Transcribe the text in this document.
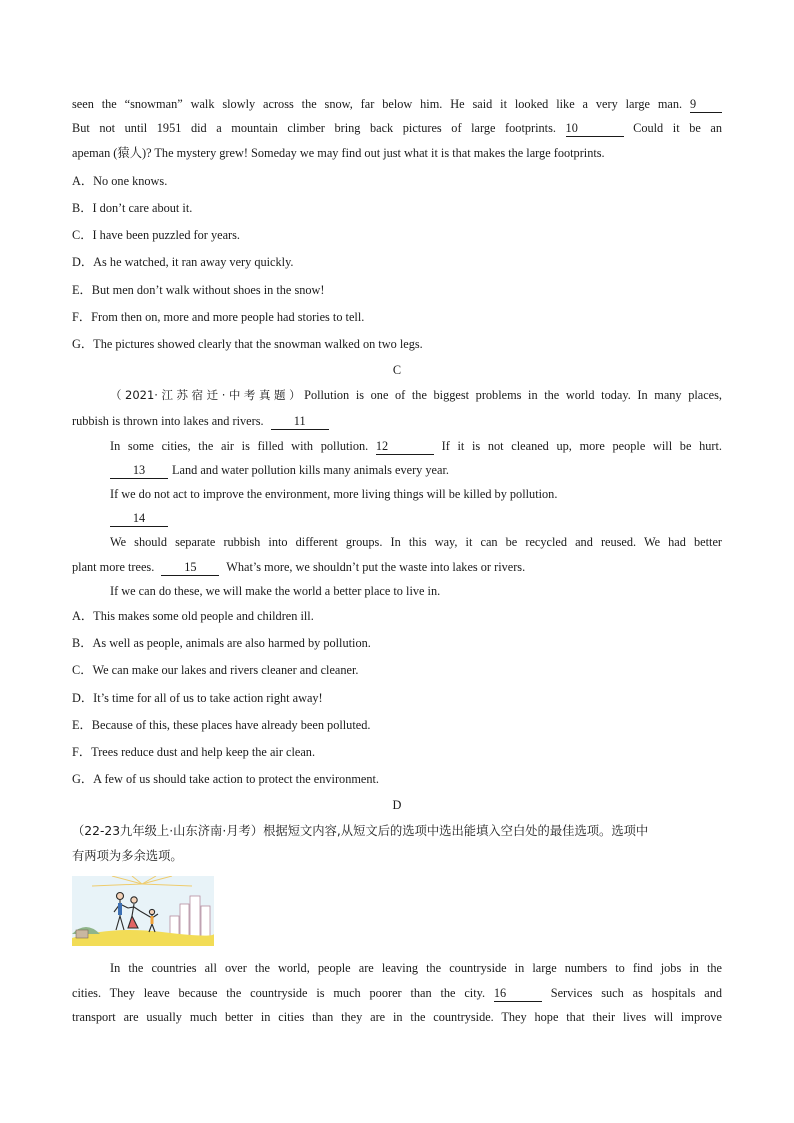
seen the “snowman” walk slowly across the snow, far below him. He said it looked like a very large man. 9
But not until 1951 did a mountain climber bring back pictures of large footprints. 10	Could it be an
apeman (猿人)? The mystery grew! Someday we may find out just what it is that makes the large footprints.
A．No one knows.
B．I don’t care about it.
C．I have been puzzled for years.
D．As he watched, it ran away very quickly.
E．But men don’t walk without shoes in the snow!
F．From then on, more and more people had stories to tell.
G．The pictures showed clearly that the snowman walked on two legs.
C
（2021·江苏宿迁·中考真题）Pollution is one of the biggest problems in the world today. In many places,
rubbish is thrown into lakes and rivers. 11
In some cities, the air is filled with pollution. 12	If it is not cleaned up, more people will be hurt.
13 Land and water pollution kills many animals every year.
If we do not act to improve the environment, more living things will be killed by pollution.
14
We should separate rubbish into different groups. In this way, it can be recycled and reused. We had better
plant more trees. 15 What’s more, we shouldn’t put the waste into lakes or rivers.
If we can do these, we will make the world a better place to live in.
A．This makes some old people and children ill.
B．As well as people, animals are also harmed by pollution.
C．We can make our lakes and rivers cleaner and cleaner.
D．It’s time for all of us to take action right away!
E．Because of this, these places have already been polluted.
F．Trees reduce dust and help keep the air clean.
G．A few of us should take action to protect the environment.
D
（22-23九年级上·山东济南·月考）根据短文内容,从短文后的选项中选出能填入空白处的最佳选项。选项中
有两项为多余选项。
In the countries all over the world, people are leaving the countryside in large numbers to find jobs in the
cities. They leave because the countryside is much poorer than the city. 16	Services such as hospitals and
transport are usually much better in cities than they are in the countryside. They hope that their lives will improve
